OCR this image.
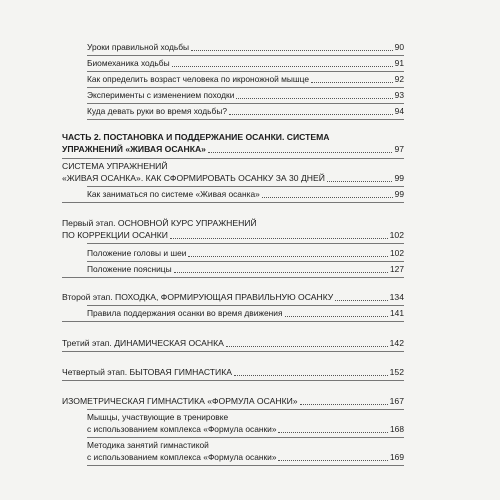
Уроки правильной ходьбы	90
Биомеханика ходьбы	91
Как определить возраст человека по икроножной мышце	92
Эксперименты с изменением походки	93
Куда девать руки во время ходьбы?	94
ЧАСТЬ 2. ПОСТАНОВКА И ПОДДЕРЖАНИЕ ОСАНКИ. СИСТЕМА
УПРАЖНЕНИЙ «ЖИВАЯ ОСАНКА»	97
СИСТЕМА УПРАЖНЕНИЙ
«ЖИВАЯ ОСАНКА». КАК СФОРМИРОВАТЬ ОСАНКУ ЗА 30 ДНЕЙ	99
Как заниматься по системе «Живая осанка»	99
Первый этап. ОСНОВНОЙ КУРС УПРАЖНЕНИЙ
ПО КОРРЕКЦИИ ОСАНКИ	102
Положение головы и шеи	102
Положение поясницы	127
Второй этап. ПОХОДКА, ФОРМИРУЮЩАЯ ПРАВИЛЬНУЮ ОСАНКУ	134
Правила поддержания осанки во время движения	141
Третий этап. ДИНАМИЧЕСКАЯ ОСАНКА	142
Четвертый этап. БЫТОВАЯ ГИМНАСТИКА	152
ИЗОМЕТРИЧЕСКАЯ ГИМНАСТИКА «ФОРМУЛА ОСАНКИ»	167
Мышцы, участвующие в тренировке
с использованием комплекса «Формула осанки»	168
Методика занятий гимнастикой
с использованием комплекса «Формула осанки»	169
